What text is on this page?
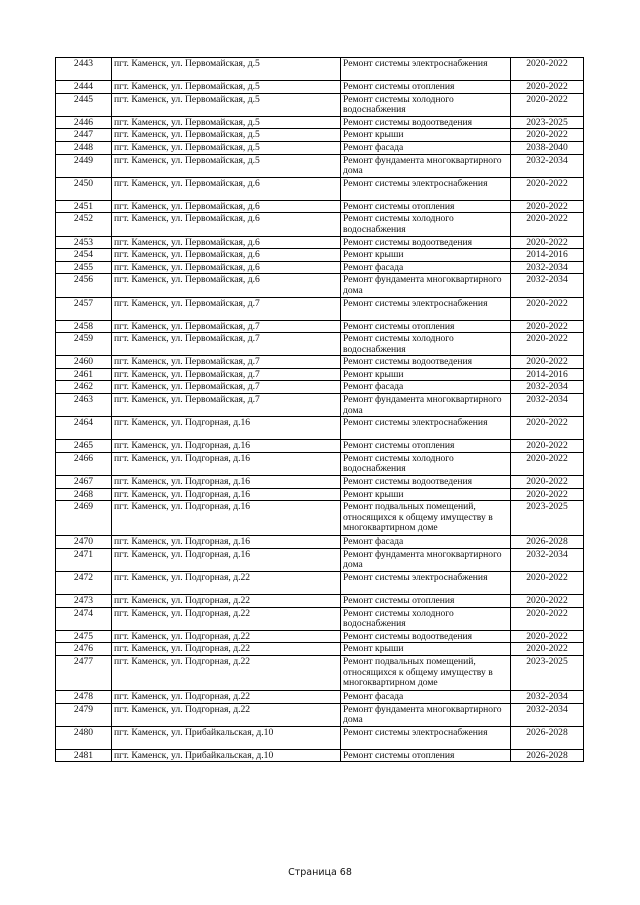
2443	пгт. Каменск, ул. Первомайская, д.5	Ремонт системы электроснабжения	2020-2022
2444	пгт. Каменск, ул. Первомайская, д.5	Ремонт системы отопления	2020-2022
2445	пгт. Каменск, ул. Первомайская, д.5	Ремонт системы холодного водоснабжения	2020-2022
2446	пгт. Каменск, ул. Первомайская, д.5	Ремонт системы водоотведения	2023-2025
2447	пгт. Каменск, ул. Первомайская, д.5	Ремонт крыши	2020-2022
2448	пгт. Каменск, ул. Первомайская, д.5	Ремонт фасада	2038-2040
2449	пгт. Каменск, ул. Первомайская, д.5	Ремонт фундамента многоквартирного дома	2032-2034
2450	пгт. Каменск, ул. Первомайская, д.6	Ремонт системы электроснабжения	2020-2022
2451	пгт. Каменск, ул. Первомайская, д.6	Ремонт системы отопления	2020-2022
2452	пгт. Каменск, ул. Первомайская, д.6	Ремонт системы холодного водоснабжения	2020-2022
2453	пгт. Каменск, ул. Первомайская, д.6	Ремонт системы водоотведения	2020-2022
2454	пгт. Каменск, ул. Первомайская, д.6	Ремонт крыши	2014-2016
2455	пгт. Каменск, ул. Первомайская, д.6	Ремонт фасада	2032-2034
2456	пгт. Каменск, ул. Первомайская, д.6	Ремонт фундамента многоквартирного дома	2032-2034
2457	пгт. Каменск, ул. Первомайская, д.7	Ремонт системы электроснабжения	2020-2022
2458	пгт. Каменск, ул. Первомайская, д.7	Ремонт системы отопления	2020-2022
2459	пгт. Каменск, ул. Первомайская, д.7	Ремонт системы холодного водоснабжения	2020-2022
2460	пгт. Каменск, ул. Первомайская, д.7	Ремонт системы водоотведения	2020-2022
2461	пгт. Каменск, ул. Первомайская, д.7	Ремонт крыши	2014-2016
2462	пгт. Каменск, ул. Первомайская, д.7	Ремонт фасада	2032-2034
2463	пгт. Каменск, ул. Первомайская, д.7	Ремонт фундамента многоквартирного дома	2032-2034
2464	пгт. Каменск, ул. Подгорная, д.16	Ремонт системы электроснабжения	2020-2022
2465	пгт. Каменск, ул. Подгорная, д.16	Ремонт системы отопления	2020-2022
2466	пгт. Каменск, ул. Подгорная, д.16	Ремонт системы холодного водоснабжения	2020-2022
2467	пгт. Каменск, ул. Подгорная, д.16	Ремонт системы водоотведения	2020-2022
2468	пгт. Каменск, ул. Подгорная, д.16	Ремонт крыши	2020-2022
2469	пгт. Каменск, ул. Подгорная, д.16	Ремонт подвальных помещений, относящихся к общему имуществу в многоквартирном доме	2023-2025
2470	пгт. Каменск, ул. Подгорная, д.16	Ремонт фасада	2026-2028
2471	пгт. Каменск, ул. Подгорная, д.16	Ремонт фундамента многоквартирного дома	2032-2034
2472	пгт. Каменск, ул. Подгорная, д.22	Ремонт системы электроснабжения	2020-2022
2473	пгт. Каменск, ул. Подгорная, д.22	Ремонт системы отопления	2020-2022
2474	пгт. Каменск, ул. Подгорная, д.22	Ремонт системы холодного водоснабжения	2020-2022
2475	пгт. Каменск, ул. Подгорная, д.22	Ремонт системы водоотведения	2020-2022
2476	пгт. Каменск, ул. Подгорная, д.22	Ремонт крыши	2020-2022
2477	пгт. Каменск, ул. Подгорная, д.22	Ремонт подвальных помещений, относящихся к общему имуществу в многоквартирном доме	2023-2025
2478	пгт. Каменск, ул. Подгорная, д.22	Ремонт фасада	2032-2034
2479	пгт. Каменск, ул. Подгорная, д.22	Ремонт фундамента многоквартирного дома	2032-2034
2480	пгт. Каменск, ул. Прибайкальская, д.10	Ремонт системы электроснабжения	2026-2028
2481	пгт. Каменск, ул. Прибайкальская, д.10	Ремонт системы отопления	2026-2028
Страница 68
